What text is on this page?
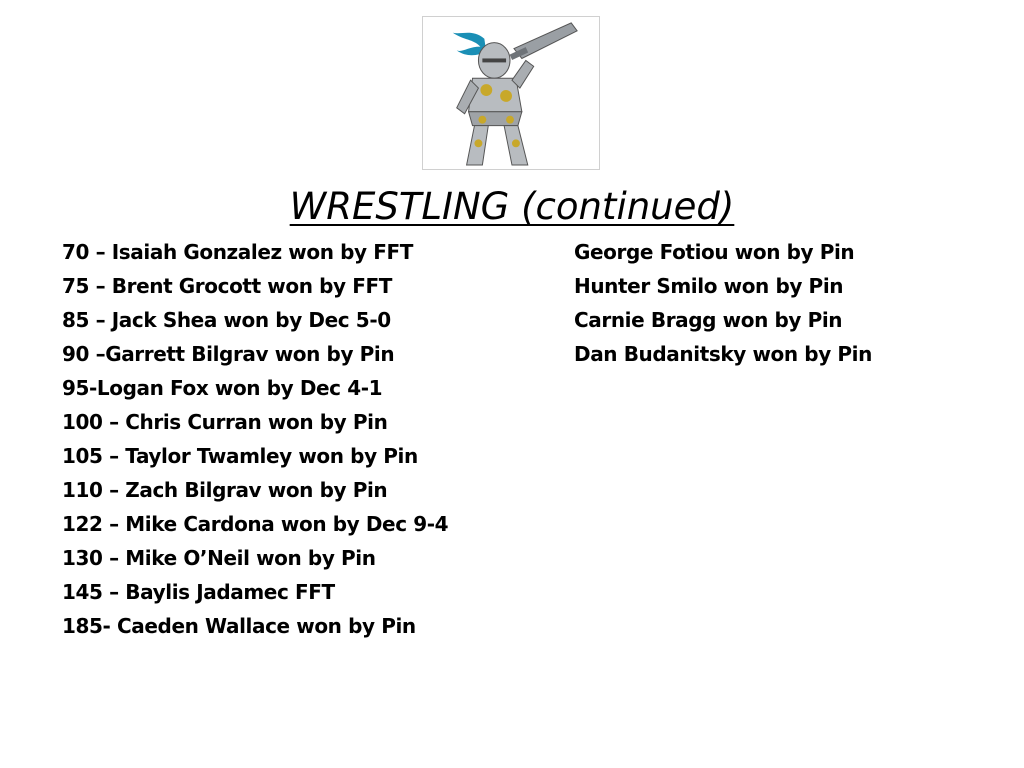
WRESTLING (continued)
70 – Isaiah Gonzalez won by FFT
75 – Brent Grocott won by FFT
85 – Jack Shea won by Dec 5-0
90 –Garrett Bilgrav won by Pin
95-Logan Fox won by Dec 4-1
100 – Chris Curran won by Pin
105 – Taylor Twamley won by Pin
110 – Zach Bilgrav won by Pin
122 – Mike Cardona won by Dec 9-4
130 – Mike O’Neil won by Pin
145 – Baylis Jadamec FFT
185- Caeden Wallace won by Pin
George Fotiou won by Pin
Hunter Smilo won by Pin
Carnie Bragg won by Pin
Dan Budanitsky won by Pin
